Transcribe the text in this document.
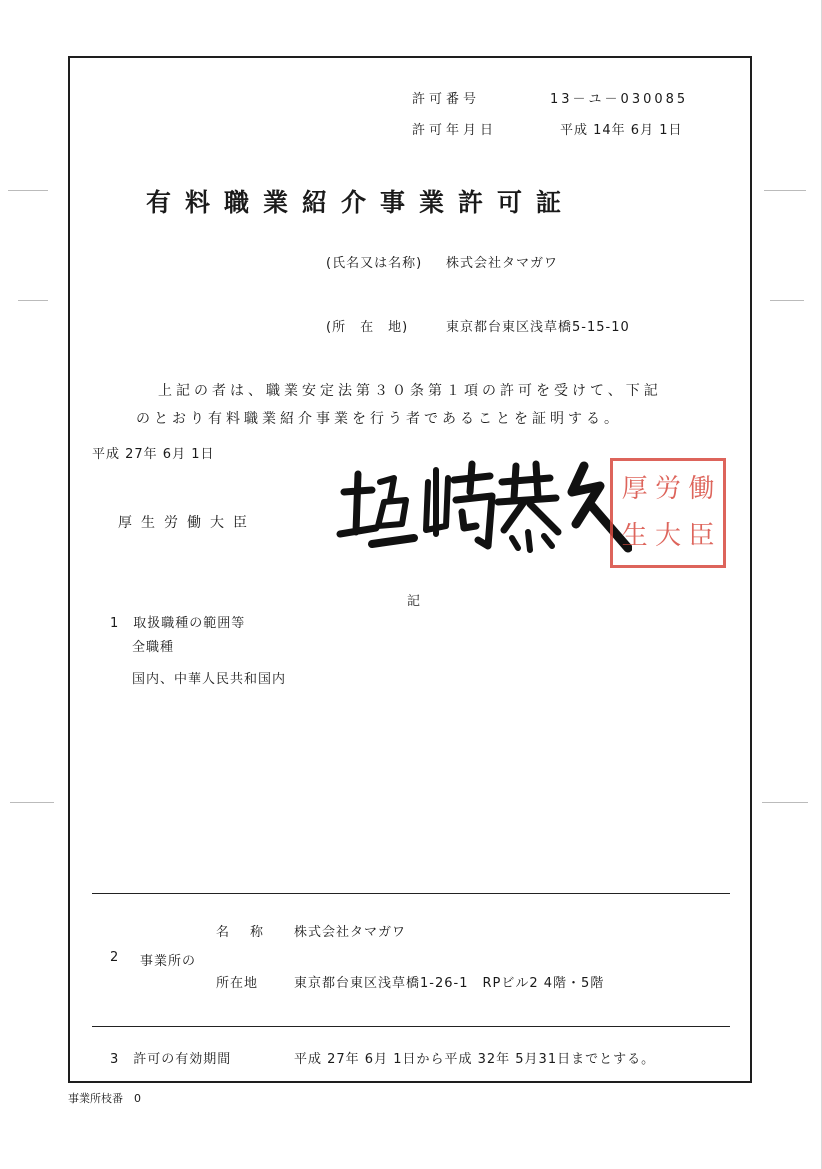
許可番号	13－ユ－030085
許可年月日	平成 14年 6月 1日
有料職業紹介事業許可証
(氏名又は名称) 株式会社タマガワ
(所　在　地)	東京都台東区浅草橋5-15-10
上記の者は、職業安定法第３０条第１項の許可を受けて、下記
のとおり有料職業紹介事業を行う者であることを証明する。
平成 27年 6月 1日
厚生労働大臣
厚 労 働
生 大 臣
記
1　取扱職種の範囲等
全職種
国内、中華人民共和国内
名　称 株式会社タマガワ
2 事業所の
所在地	東京都台東区浅草橋1-26-1　RPビル2 4階・5階
3　許可の有効期間	平成 27年 6月 1日から平成 32年 5月31日までとする。
事業所枝番　0
